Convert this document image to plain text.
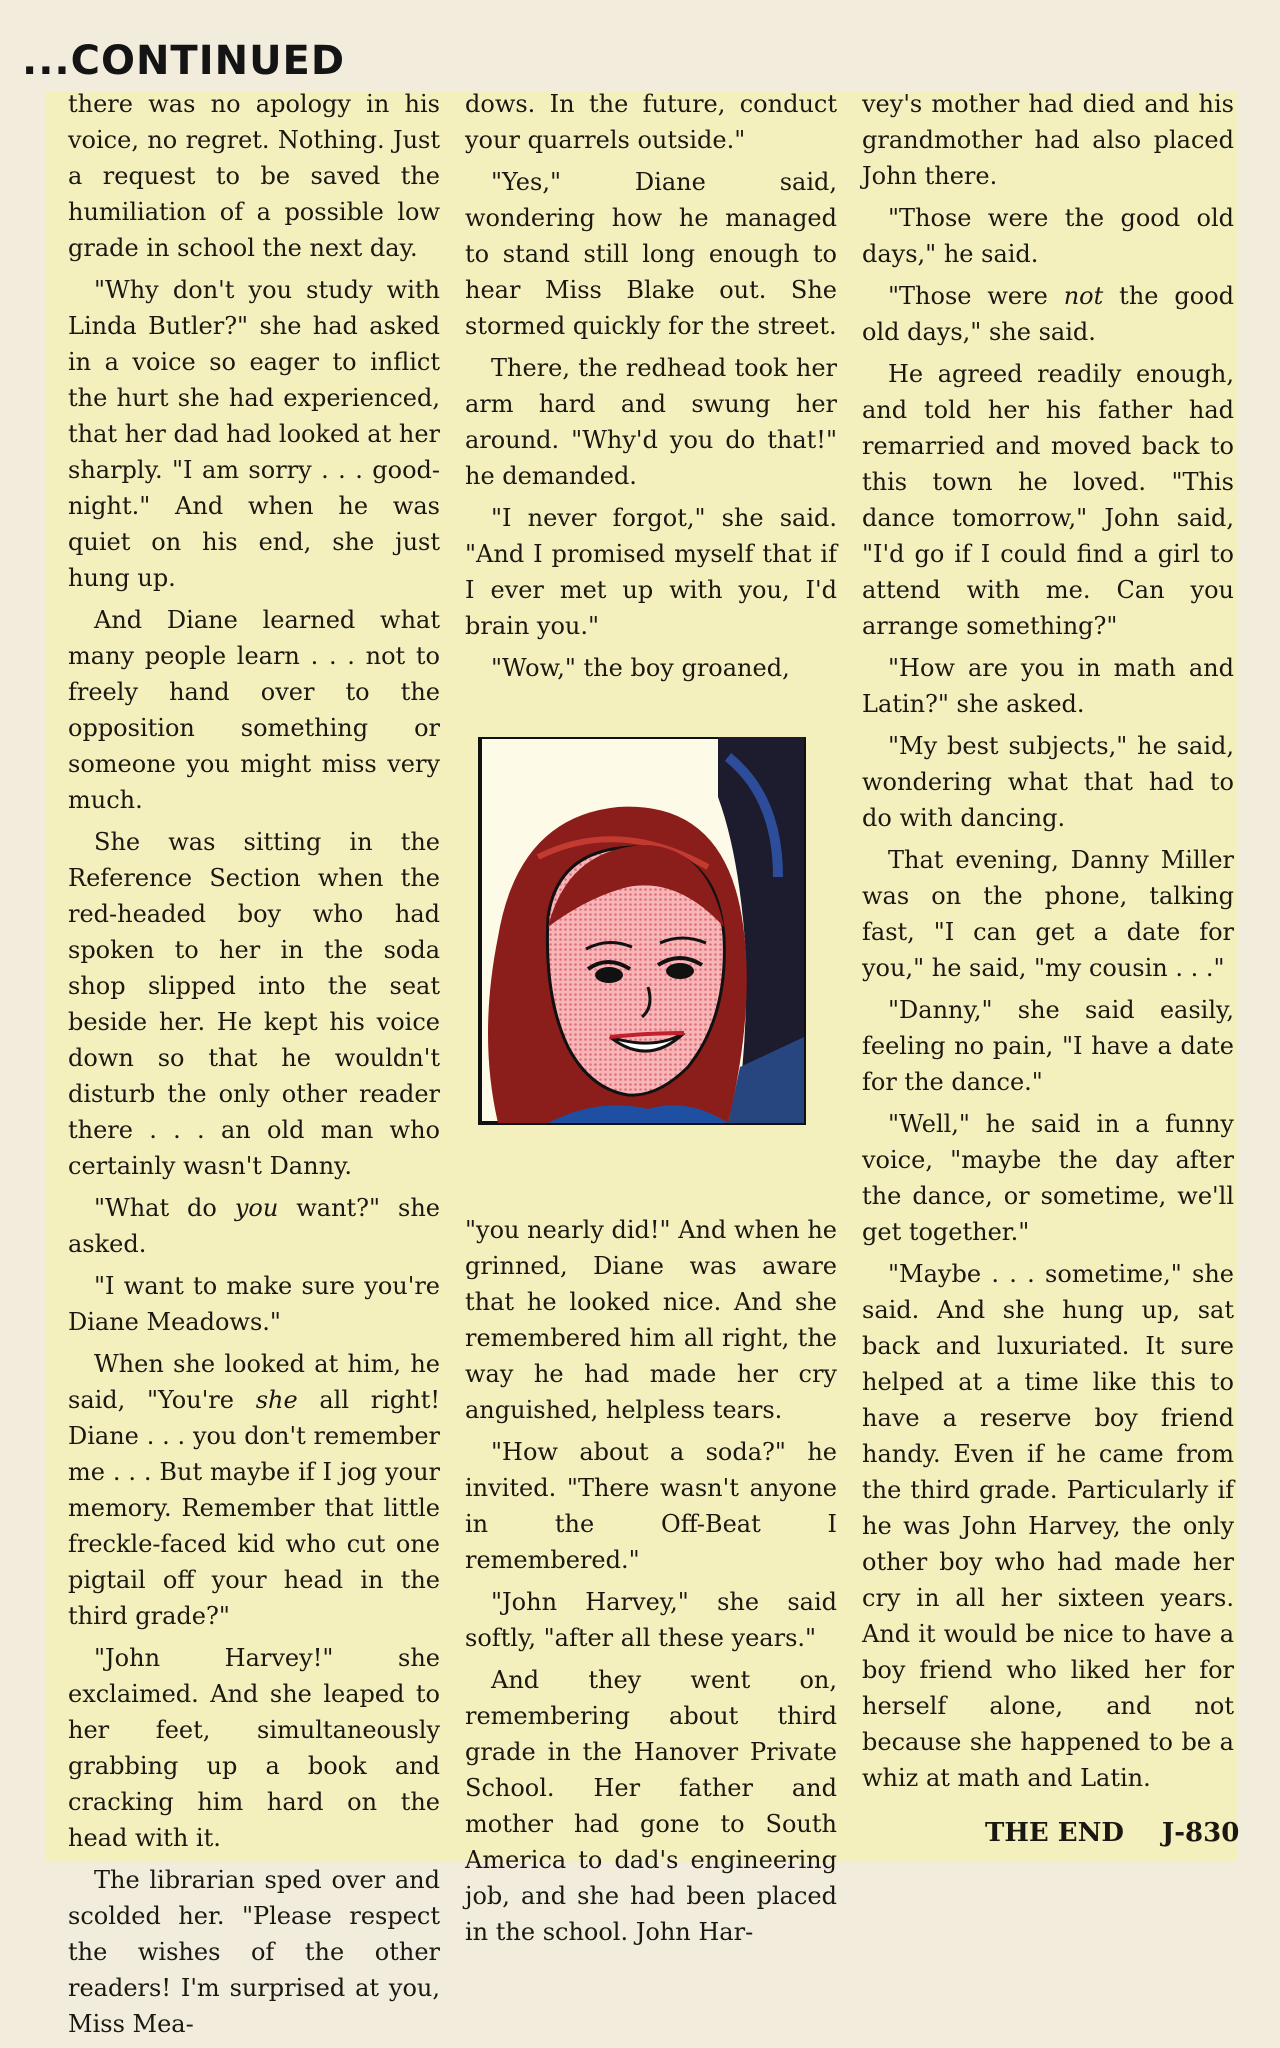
...CONTINUED

there was no apology in his voice, no regret. Nothing. Just a request to be saved the humiliation of a possible low grade in school the next day.

"Why don't you study with Linda Butler?" she had asked in a voice so eager to inflict the hurt she had experienced, that her dad had looked at her sharply. "I am sorry . . . good-night." And when he was quiet on his end, she just hung up.

And Diane learned what many people learn . . . not to freely hand over to the opposition something or someone you might miss very much.

She was sitting in the Reference Section when the red-headed boy who had spoken to her in the soda shop slipped into the seat beside her. He kept his voice down so that he wouldn't disturb the only other reader there . . . an old man who certainly wasn't Danny.

"What do you want?" she asked.

"I want to make sure you're Diane Meadows."

When she looked at him, he said, "You're she all right! Diane . . . you don't remember me . . . But maybe if I jog your memory. Remember that little freckle-faced kid who cut one pigtail off your head in the third grade?"

"John Harvey!" she exclaimed. And she leaped to her feet, simultaneously grabbing up a book and cracking him hard on the head with it.

The librarian sped over and scolded her. "Please respect the wishes of the other readers! I'm surprised at you, Miss Mea-

dows. In the future, conduct your quarrels outside."

"Yes," Diane said, wondering how he managed to stand still long enough to hear Miss Blake out. She stormed quickly for the street.

There, the redhead took her arm hard and swung her around. "Why'd you do that!" he demanded.

"I never forgot," she said. "And I promised myself that if I ever met up with you, I'd brain you."

"Wow," the boy groaned,

"you nearly did!" And when he grinned, Diane was aware that he looked nice. And she remembered him all right, the way he had made her cry anguished, helpless tears.

"How about a soda?" he invited. "There wasn't anyone in the Off-Beat I remembered."

"John Harvey," she said softly, "after all these years."

And they went on, remembering about third grade in the Hanover Private School. Her father and mother had gone to South America to dad's engineering job, and she had been placed in the school. John Har-

vey's mother had died and his grandmother had also placed John there.

"Those were the good old days," he said.

"Those were not the good old days," she said.

He agreed readily enough, and told her his father had remarried and moved back to this town he loved. "This dance tomorrow," John said, "I'd go if I could find a girl to attend with me. Can you arrange something?"

"How are you in math and Latin?" she asked.

"My best subjects," he said, wondering what that had to do with dancing.

That evening, Danny Miller was on the phone, talking fast, "I can get a date for you," he said, "my cousin . . ."

"Danny," she said easily, feeling no pain, "I have a date for the dance."

"Well," he said in a funny voice, "maybe the day after the dance, or sometime, we'll get together."

"Maybe . . . sometime," she said. And she hung up, sat back and luxuriated. It sure helped at a time like this to have a reserve boy friend handy. Even if he came from the third grade. Particularly if he was John Harvey, the only other boy who had made her cry in all her sixteen years. And it would be nice to have a boy friend who liked her for herself alone, and not because she happened to be a whiz at math and Latin.

THE END J-830
